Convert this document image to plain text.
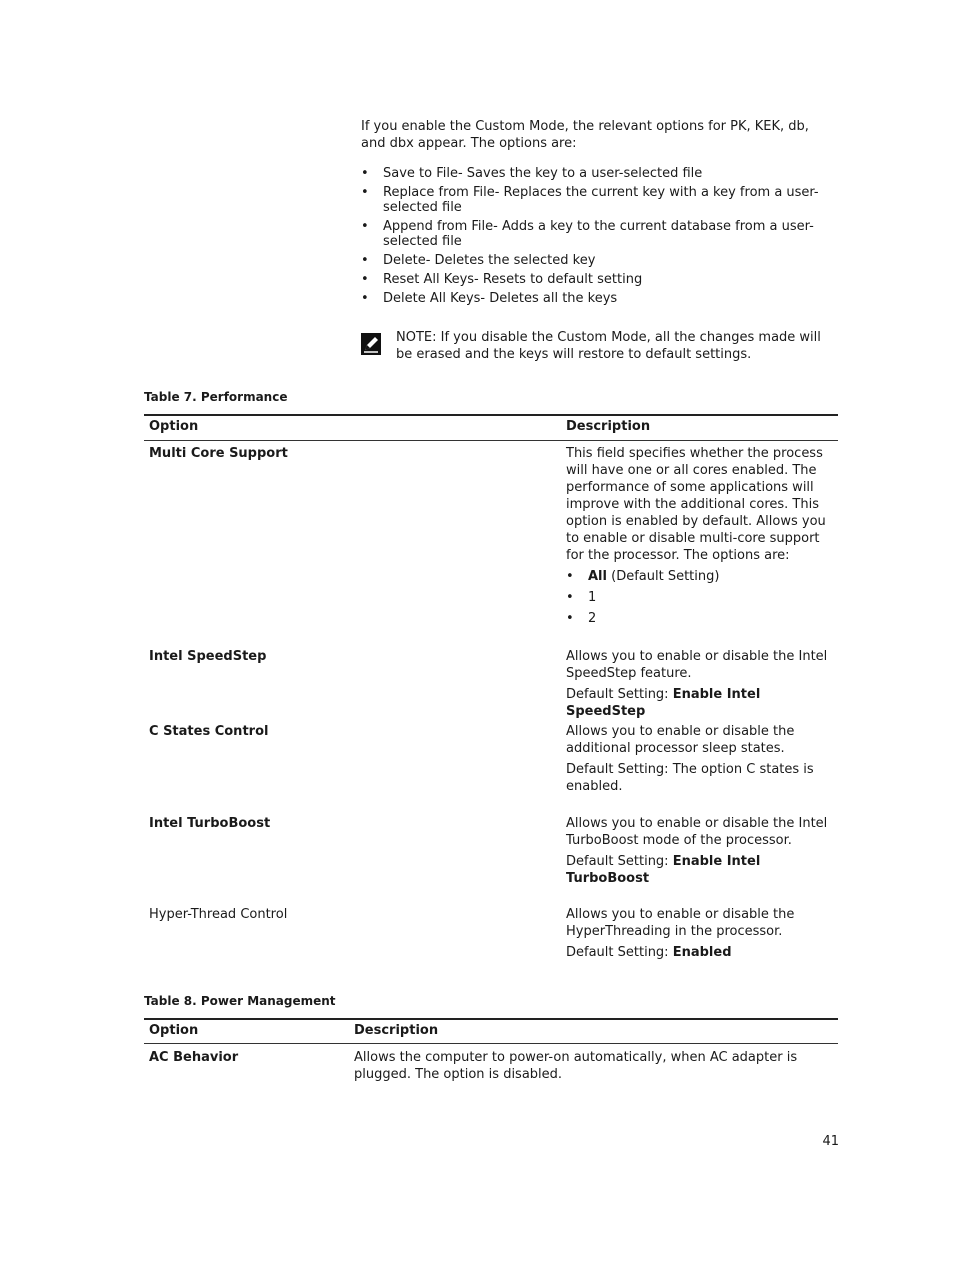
If you enable the Custom Mode, the relevant options for PK, KEK, db, and dbx appear. The options are:

• Save to File- Saves the key to a user-selected file
• Replace from File- Replaces the current key with a key from a user-selected file
• Append from File- Adds a key to the current database from a user-selected file
• Delete- Deletes the selected key
• Reset All Keys- Resets to default setting
• Delete All Keys- Deletes all the keys

NOTE: If you disable the Custom Mode, all the changes made will be erased and the keys will restore to default settings.

Table 7. Performance
Option	Description
Multi Core Support	This field specifies whether the process will have one or all cores enabled. The performance of some applications will improve with the additional cores. This option is enabled by default. Allows you to enable or disable multi-core support for the processor. The options are:

• All (Default Setting)
• 1
• 2
Intel SpeedStep	Allows you to enable or disable the Intel SpeedStep feature.

Default Setting: Enable Intel SpeedStep

C States Control	Allows you to enable or disable the additional processor sleep states.

Default Setting: The option C states is enabled.

Intel TurboBoost	Allows you to enable or disable the Intel TurboBoost mode of the processor.

Default Setting: Enable Intel TurboBoost

Hyper-Thread Control	Allows you to enable or disable the HyperThreading in the processor.

Default Setting: Enabled

Table 8. Power Management
Option	Description
AC Behavior	Allows the computer to power-on automatically, when AC adapter is plugged. The option is disabled.

41
